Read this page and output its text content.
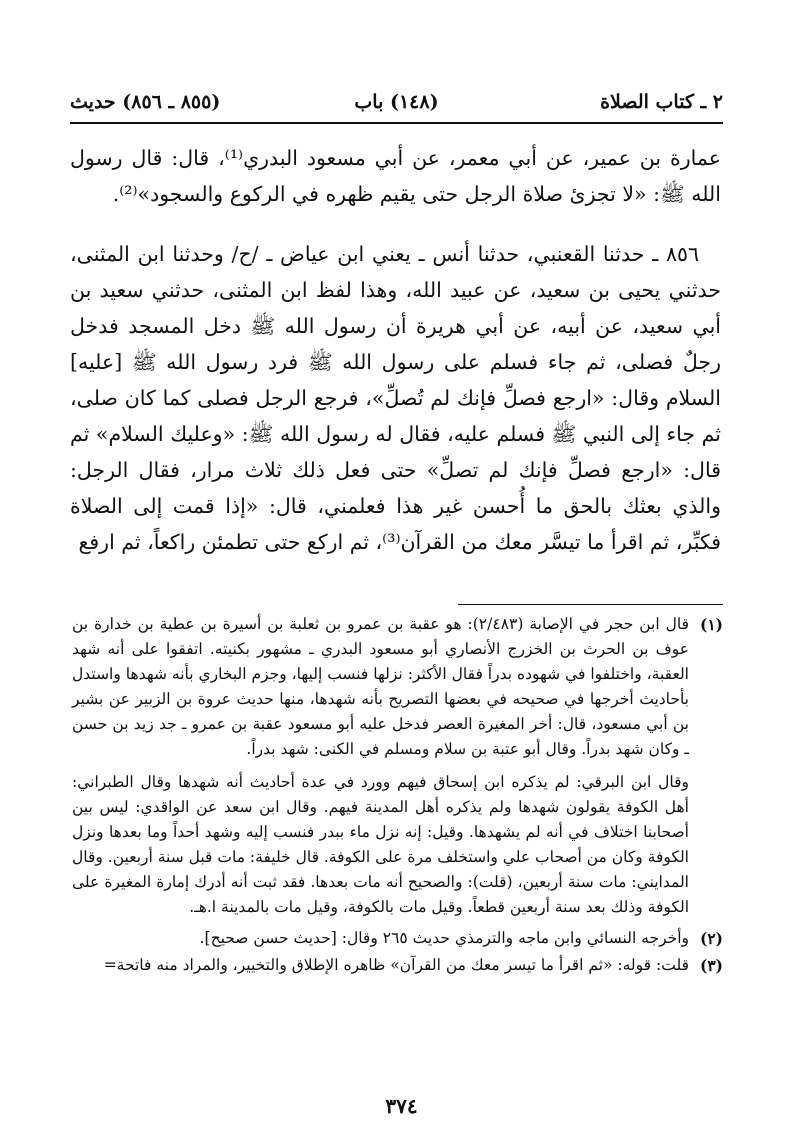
٢ ـ كتاب الصلاة
(١٤٨) باب
(٨٥٥ ـ ٨٥٦) حديث

عمارة بن عمير، عن أبي معمر، عن أبي مسعود البدري⁽¹⁾، قال: قال رسول الله ﷺ: «لا تجزئ صلاة الرجل حتى يقيم ظهره في الركوع والسجود»⁽²⁾.

٨٥٦ ـ حدثنا القعنبي، حدثنا أنس ـ يعني ابن عياض ـ /ح/ وحدثنا ابن المثنى، حدثني يحيى بن سعيد، عن عبيد الله، وهذا لفظ ابن المثنى، حدثني سعيد بن أبي سعيد، عن أبيه، عن أبي هريرة أن رسول الله ﷺ دخل المسجد فدخل رجلٌ فصلى، ثم جاء فسلم على رسول الله ﷺ فرد رسول الله ﷺ [عليه] السلام وقال: «ارجع فصلِّ فإنك لم تُصلِّ»، فرجع الرجل فصلى كما كان صلى، ثم جاء إلى النبي ﷺ فسلم عليه، فقال له رسول الله ﷺ: «وعليك السلام» ثم قال: «ارجع فصلِّ فإنك لم تصلِّ» حتى فعل ذلك ثلاث مرار، فقال الرجل: والذي بعثك بالحق ما أُحسن غير هذا فعلمني، قال: «إذا قمت إلى الصلاة فكبِّر، ثم اقرأ ما تيسَّر معك من القرآن⁽³⁾، ثم اركع حتى تطمئن راكعاً، ثم ارفع

(١)

قال ابن حجر في الإصابة (٢/٤٨٣): هو عقبة بن عمرو بن ثعلبة بن أسيرة بن عطية بن خدارة بن عوف بن الحرث بن الخزرج الأنصاري أبو مسعود البدري ـ مشهور بكنيته. اتفقوا على أنه شهد العقبة، واختلفوا في شهوده بدراً فقال الأكثر: نزلها فنسب إليها، وجزم البخاري بأنه شهدها واستدل بأحاديث أخرجها في صحيحه في بعضها التصريح بأنه شهدها، منها حديث عروة بن الزبير عن بشير بن أبي مسعود، قال: أخر المغيرة العصر فدخل عليه أبو مسعود عقبة بن عمرو ـ جد زيد بن حسن ـ وكان شهد بدراً. وقال أبو عتبة بن سلام ومسلم في الكنى: شهد بدراً.

وقال ابن البرقي: لم يذكره ابن إسحاق فيهم وورد في عدة أحاديث أنه شهدها وقال الطبراني: أهل الكوفة يقولون شهدها ولم يذكره أهل المدينة فيهم. وقال ابن سعد عن الواقدي: ليس بين أصحابنا اختلاف في أنه لم يشهدها. وقيل: إنه نزل ماء ببدر فنسب إليه وشهد أحداً وما بعدها ونزل الكوفة وكان من أصحاب علي واستخلف مرة على الكوفة. قال خليفة: مات قبل سنة أربعين. وقال المدايني: مات سنة أربعين، (قلت): والصحيح أنه مات بعدها. فقد ثبت أنه أدرك إمارة المغيرة على الكوفة وذلك بعد سنة أربعين قطعاً. وقيل مات بالكوفة، وقيل مات بالمدينة ا.هـ.

(٢)

وأخرجه النسائي وابن ماجه والترمذي حديث ٢٦٥ وقال: [حديث حسن صحيح].

(٣)

قلت: قوله: «ثم اقرأ ما تيسر معك من القرآن» ظاهره الإطلاق والتخيير، والمراد منه فاتحة=

٣٧٤
